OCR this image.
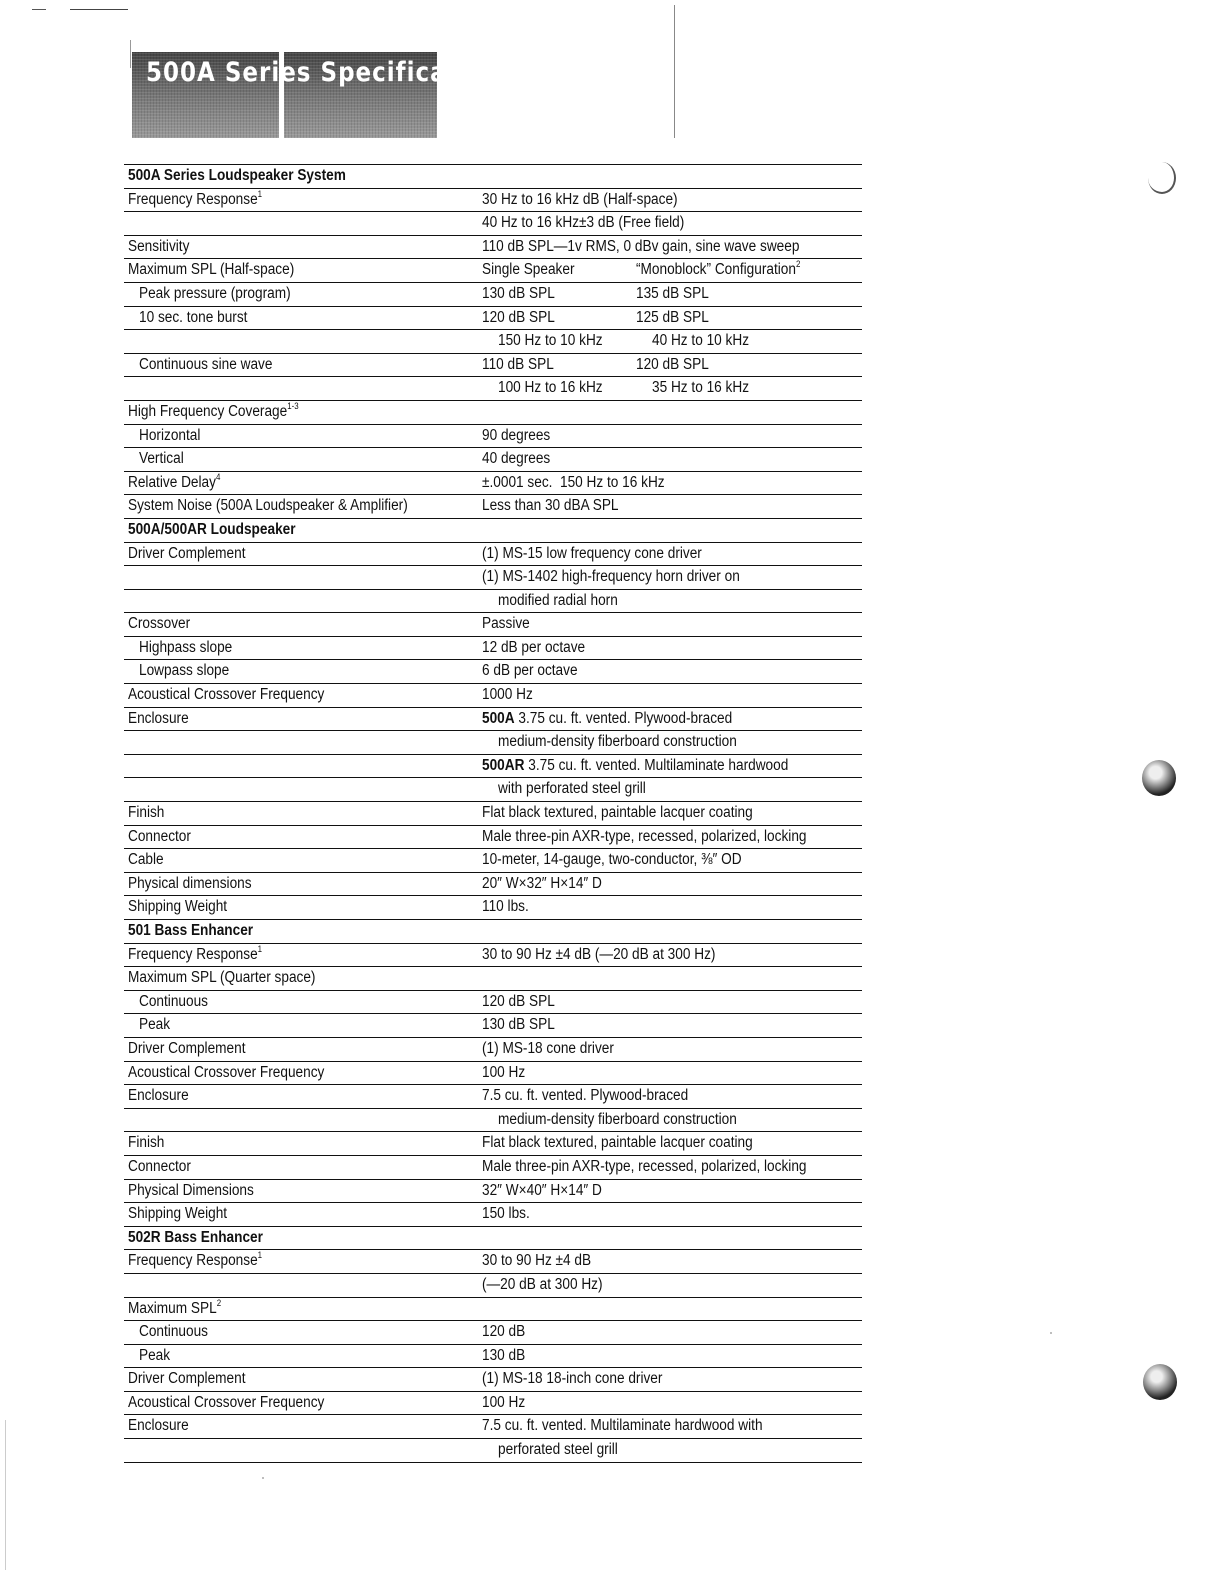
500A Series Specifications
500A Series Loudspeaker System
Frequency Response$^1$	30 Hz to 16 kHz dB (Half-space)
40 Hz to 16 kHz±3 dB (Free field)
Sensitivity	110 dB SPL—1v RMS, 0 dBv gain, sine wave sweep
Maximum SPL (Half-space)	Single Speaker	“Monoblock” Configuration$^2$
Peak pressure (program)	130 dB SPL	135 dB SPL
10 sec. tone burst	120 dB SPL	125 dB SPL
150 Hz to 10 kHz	40 Hz to 10 kHz
Continuous sine wave	110 dB SPL	120 dB SPL
100 Hz to 16 kHz	35 Hz to 16 kHz
High Frequency Coverage$^{1-3}$
Horizontal	90 degrees
Vertical	40 degrees
Relative Delay$^4$	±.0001 sec.  150 Hz to 16 kHz
System Noise (500A Loudspeaker & Amplifier)	Less than 30 dBA SPL
500A/500AR Loudspeaker
Driver Complement	(1) MS-15 low frequency cone driver
(1) MS-1402 high-frequency horn driver on
modified radial horn
Crossover	Passive
Highpass slope	12 dB per octave
Lowpass slope	6 dB per octave
Acoustical Crossover Frequency	1000 Hz
Enclosure	500A 3.75 cu. ft. vented. Plywood-braced
medium-density fiberboard construction
500AR 3.75 cu. ft. vented. Multilaminate hardwood
with perforated steel grill
Finish	Flat black textured, paintable lacquer coating
Connector	Male three-pin AXR-type, recessed, polarized, locking
Cable	10-meter, 14-gauge, two-conductor, ⅜″ OD
Physical dimensions	20″ W×32″ H×14″ D
Shipping Weight	110 lbs.
501 Bass Enhancer
Frequency Response$^1$	30 to 90 Hz ±4 dB (—20 dB at 300 Hz)
Maximum SPL (Quarter space)
Continuous	120 dB SPL
Peak	130 dB SPL
Driver Complement	(1) MS-18 cone driver
Acoustical Crossover Frequency	100 Hz
Enclosure	7.5 cu. ft. vented. Plywood-braced
medium-density fiberboard construction
Finish	Flat black textured, paintable lacquer coating
Connector	Male three-pin AXR-type, recessed, polarized, locking
Physical Dimensions	32″ W×40″ H×14″ D
Shipping Weight	150 lbs.
502R Bass Enhancer
Frequency Response$^1$	30 to 90 Hz ±4 dB
(—20 dB at 300 Hz)
Maximum SPL$^2$
Continuous	120 dB
Peak	130 dB
Driver Complement	(1) MS-18 18-inch cone driver
Acoustical Crossover Frequency	100 Hz
Enclosure	7.5 cu. ft. vented. Multilaminate hardwood with
perforated steel grill
